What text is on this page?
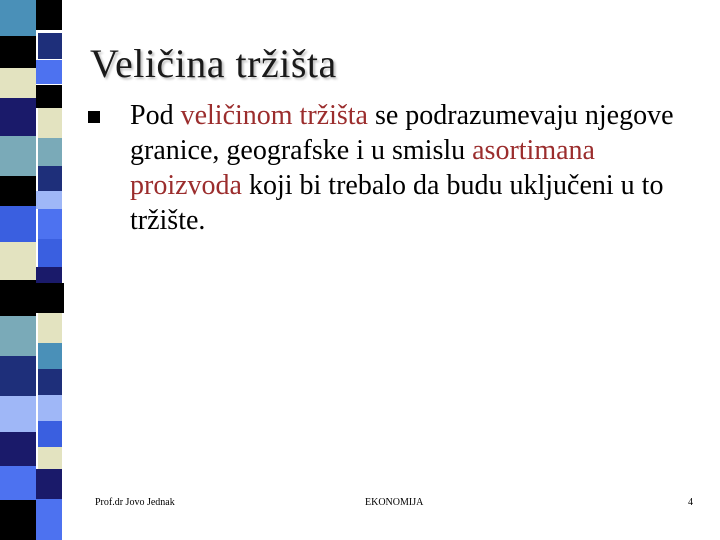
Veličina tržišta
Pod veličinom tržišta se podrazumevaju njegove granice, geografske i u smislu asortimana proizvoda koji bi trebalo da budu uključeni u to tržište.
Prof.dr Jovo Jednak	EKONOMIJA	4
